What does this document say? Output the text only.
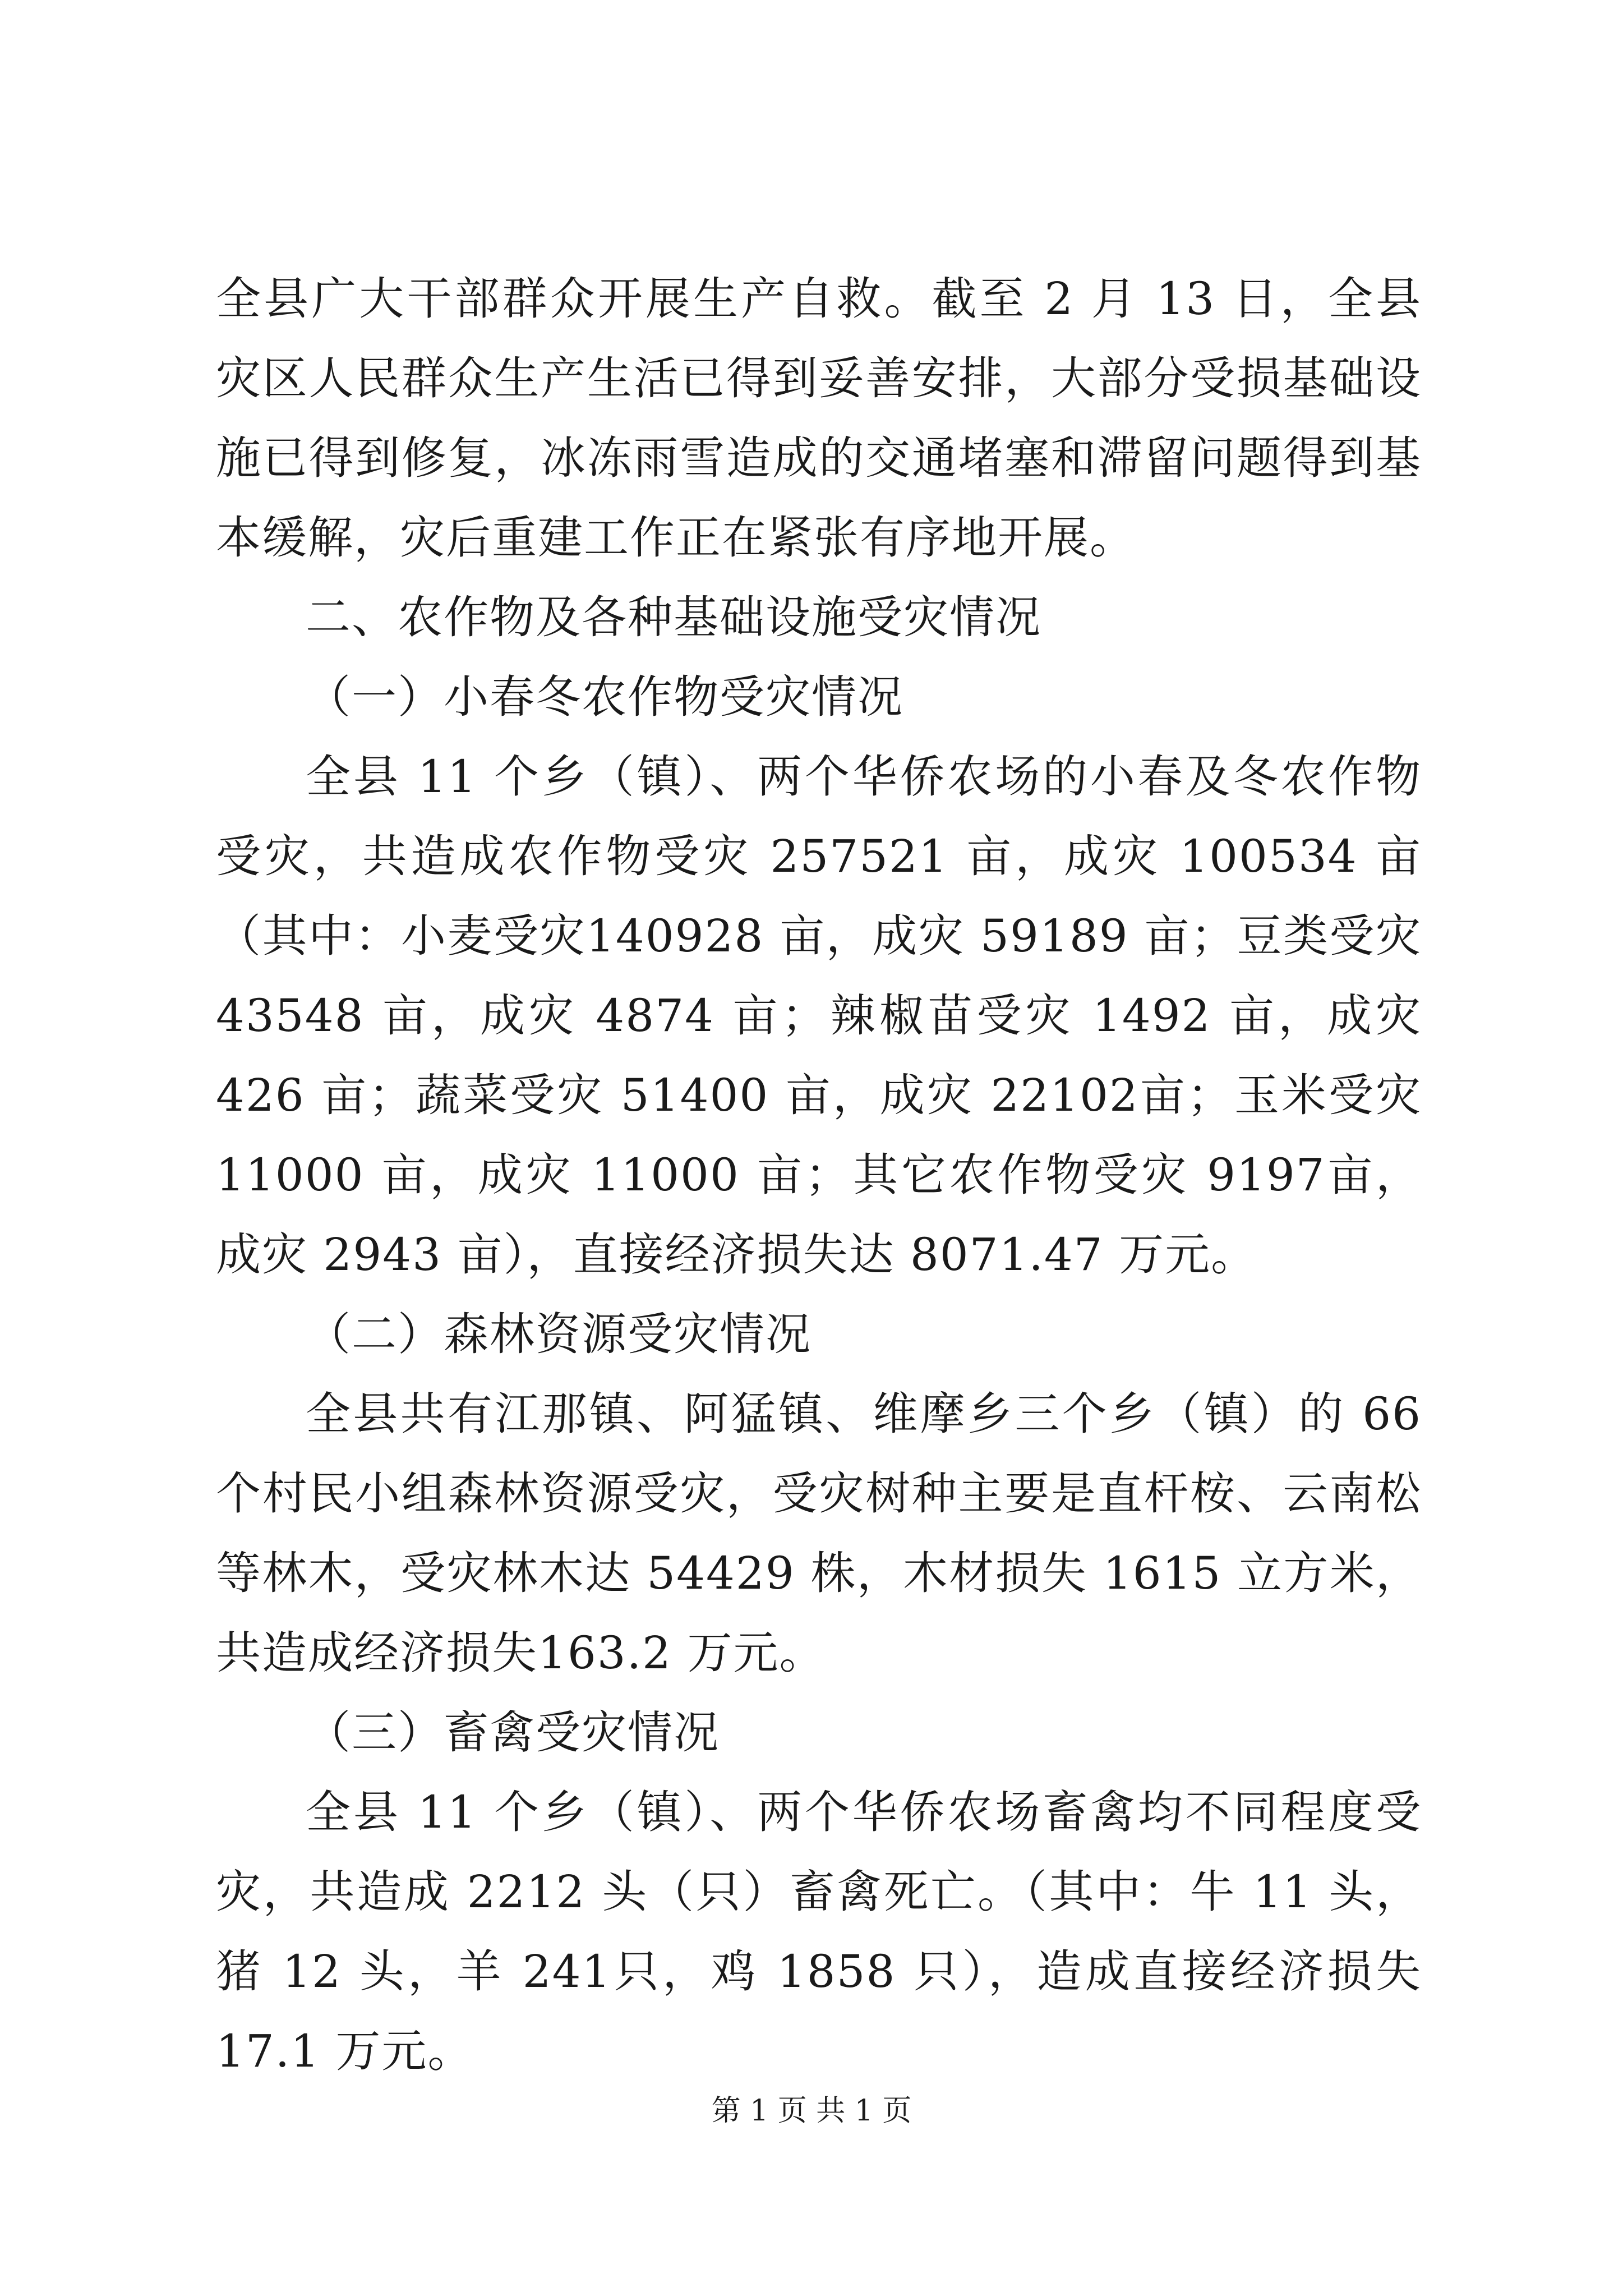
全县广大干部群众开展生产自救。截至 2 月 13 日，全县灾区人民群众生产生活已得到妥善安排，大部分受损基础设施已得到修复，冰冻雨雪造成的交通堵塞和滞留问题得到基本缓解，灾后重建工作正在紧张有序地开展。

二、农作物及各种基础设施受灾情况

（一）小春冬农作物受灾情况

全县 11 个乡（镇）、两个华侨农场的小春及冬农作物受灾，共造成农作物受灾 257521 亩，成灾 100534 亩（其中：小麦受灾140928 亩，成灾 59189 亩；豆类受灾 43548 亩，成灾 4874 亩；辣椒苗受灾 1492 亩，成灾 426 亩；蔬菜受灾 51400 亩，成灾 22102亩；玉米受灾 11000 亩，成灾 11000 亩；其它农作物受灾 9197亩，成灾 2943 亩），直接经济损失达 8071.47 万元。

（二）森林资源受灾情况

全县共有江那镇、阿猛镇、维摩乡三个乡（镇）的 66 个村民小组森林资源受灾，受灾树种主要是直杆桉、云南松等林木，受灾林木达 54429 株，木材损失 1615 立方米，共造成经济损失163.2 万元。

（三）畜禽受灾情况

全县 11 个乡（镇）、两个华侨农场畜禽均不同程度受灾，共造成 2212 头（只）畜禽死亡。（其中：牛 11 头，猪 12 头，羊 241只，鸡 1858 只），造成直接经济损失 17.1 万元。

第 1 页 共 1 页
